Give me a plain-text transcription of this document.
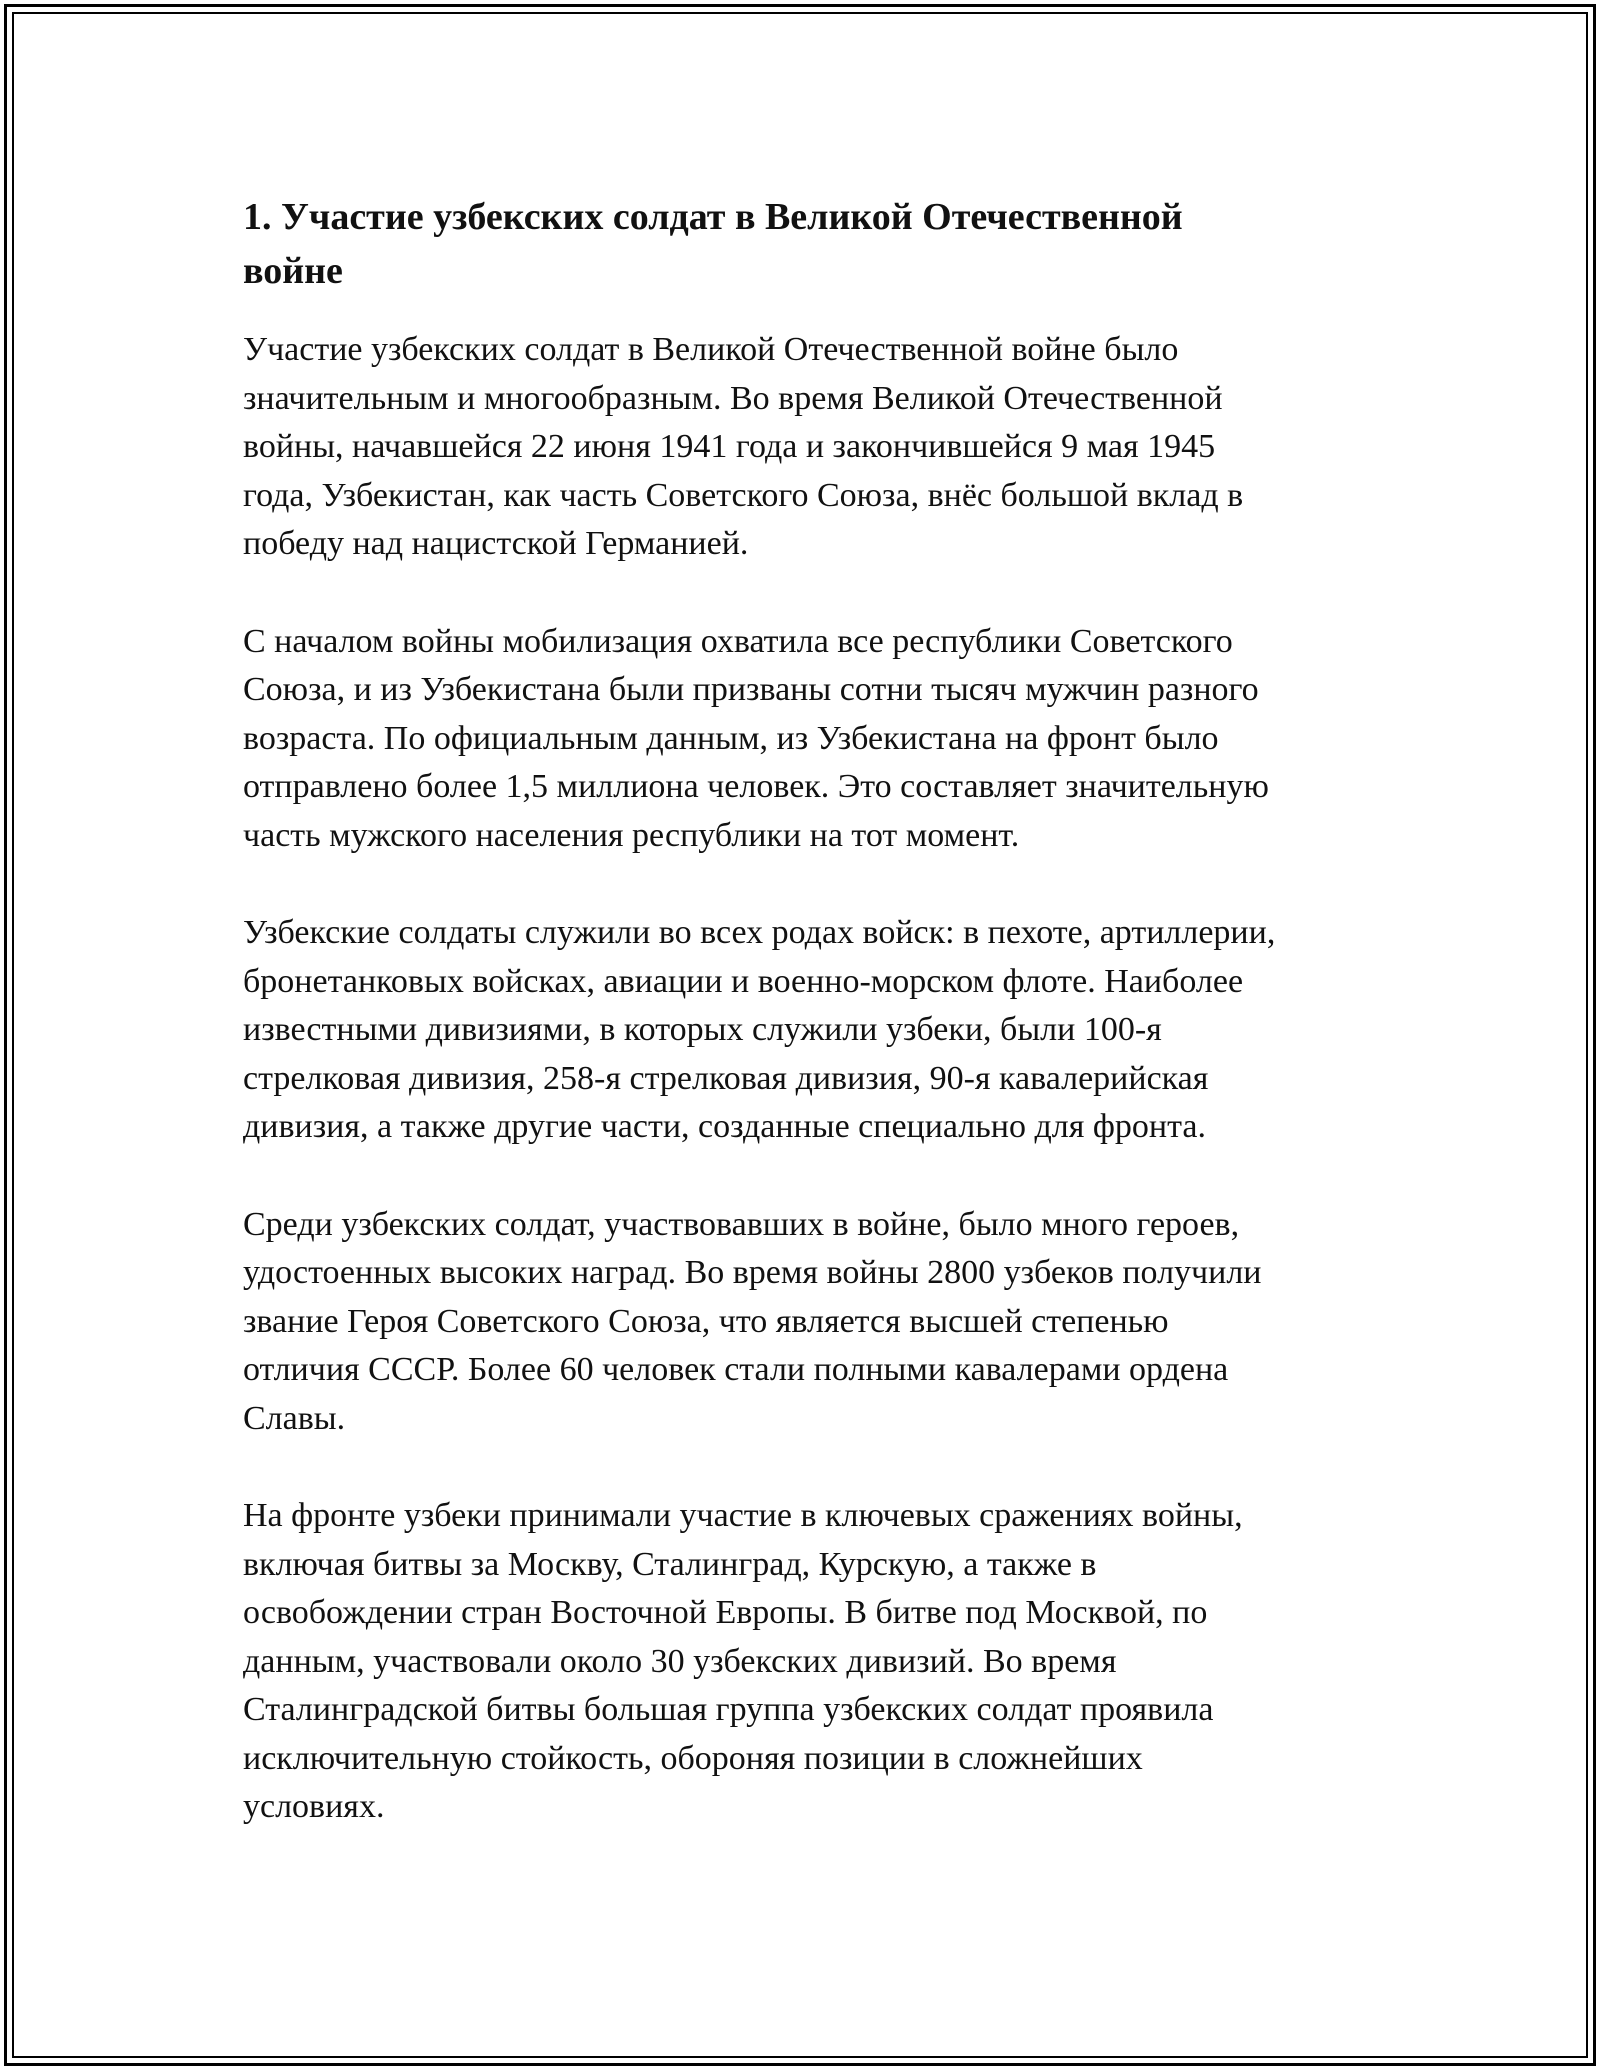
1. Участие узбекских солдат в Великой Отечественной
войне

Участие узбекских солдат в Великой Отечественной войне было
значительным и многообразным. Во время Великой Отечественной
войны, начавшейся 22 июня 1941 года и закончившейся 9 мая 1945
года, Узбекистан, как часть Советского Союза, внёс большой вклад в
победу над нацистской Германией.

С началом войны мобилизация охватила все республики Советского
Союза, и из Узбекистана были призваны сотни тысяч мужчин разного
возраста. По официальным данным, из Узбекистана на фронт было
отправлено более 1,5 миллиона человек. Это составляет значительную
часть мужского населения республики на тот момент.

Узбекские солдаты служили во всех родах войск: в пехоте, артиллерии,
бронетанковых войсках, авиации и военно-морском флоте. Наиболее
известными дивизиями, в которых служили узбеки, были 100-я
стрелковая дивизия, 258-я стрелковая дивизия, 90-я кавалерийская
дивизия, а также другие части, созданные специально для фронта.

Среди узбекских солдат, участвовавших в войне, было много героев,
удостоенных высоких наград. Во время войны 2800 узбеков получили
звание Героя Советского Союза, что является высшей степенью
отличия СССР. Более 60 человек стали полными кавалерами ордена
Славы.

На фронте узбеки принимали участие в ключевых сражениях войны,
включая битвы за Москву, Сталинград, Курскую, а также в
освобождении стран Восточной Европы. В битве под Москвой, по
данным, участвовали около 30 узбекских дивизий. Во время
Сталинградской битвы большая группа узбекских солдат проявила
исключительную стойкость, обороняя позиции в сложнейших
условиях.
